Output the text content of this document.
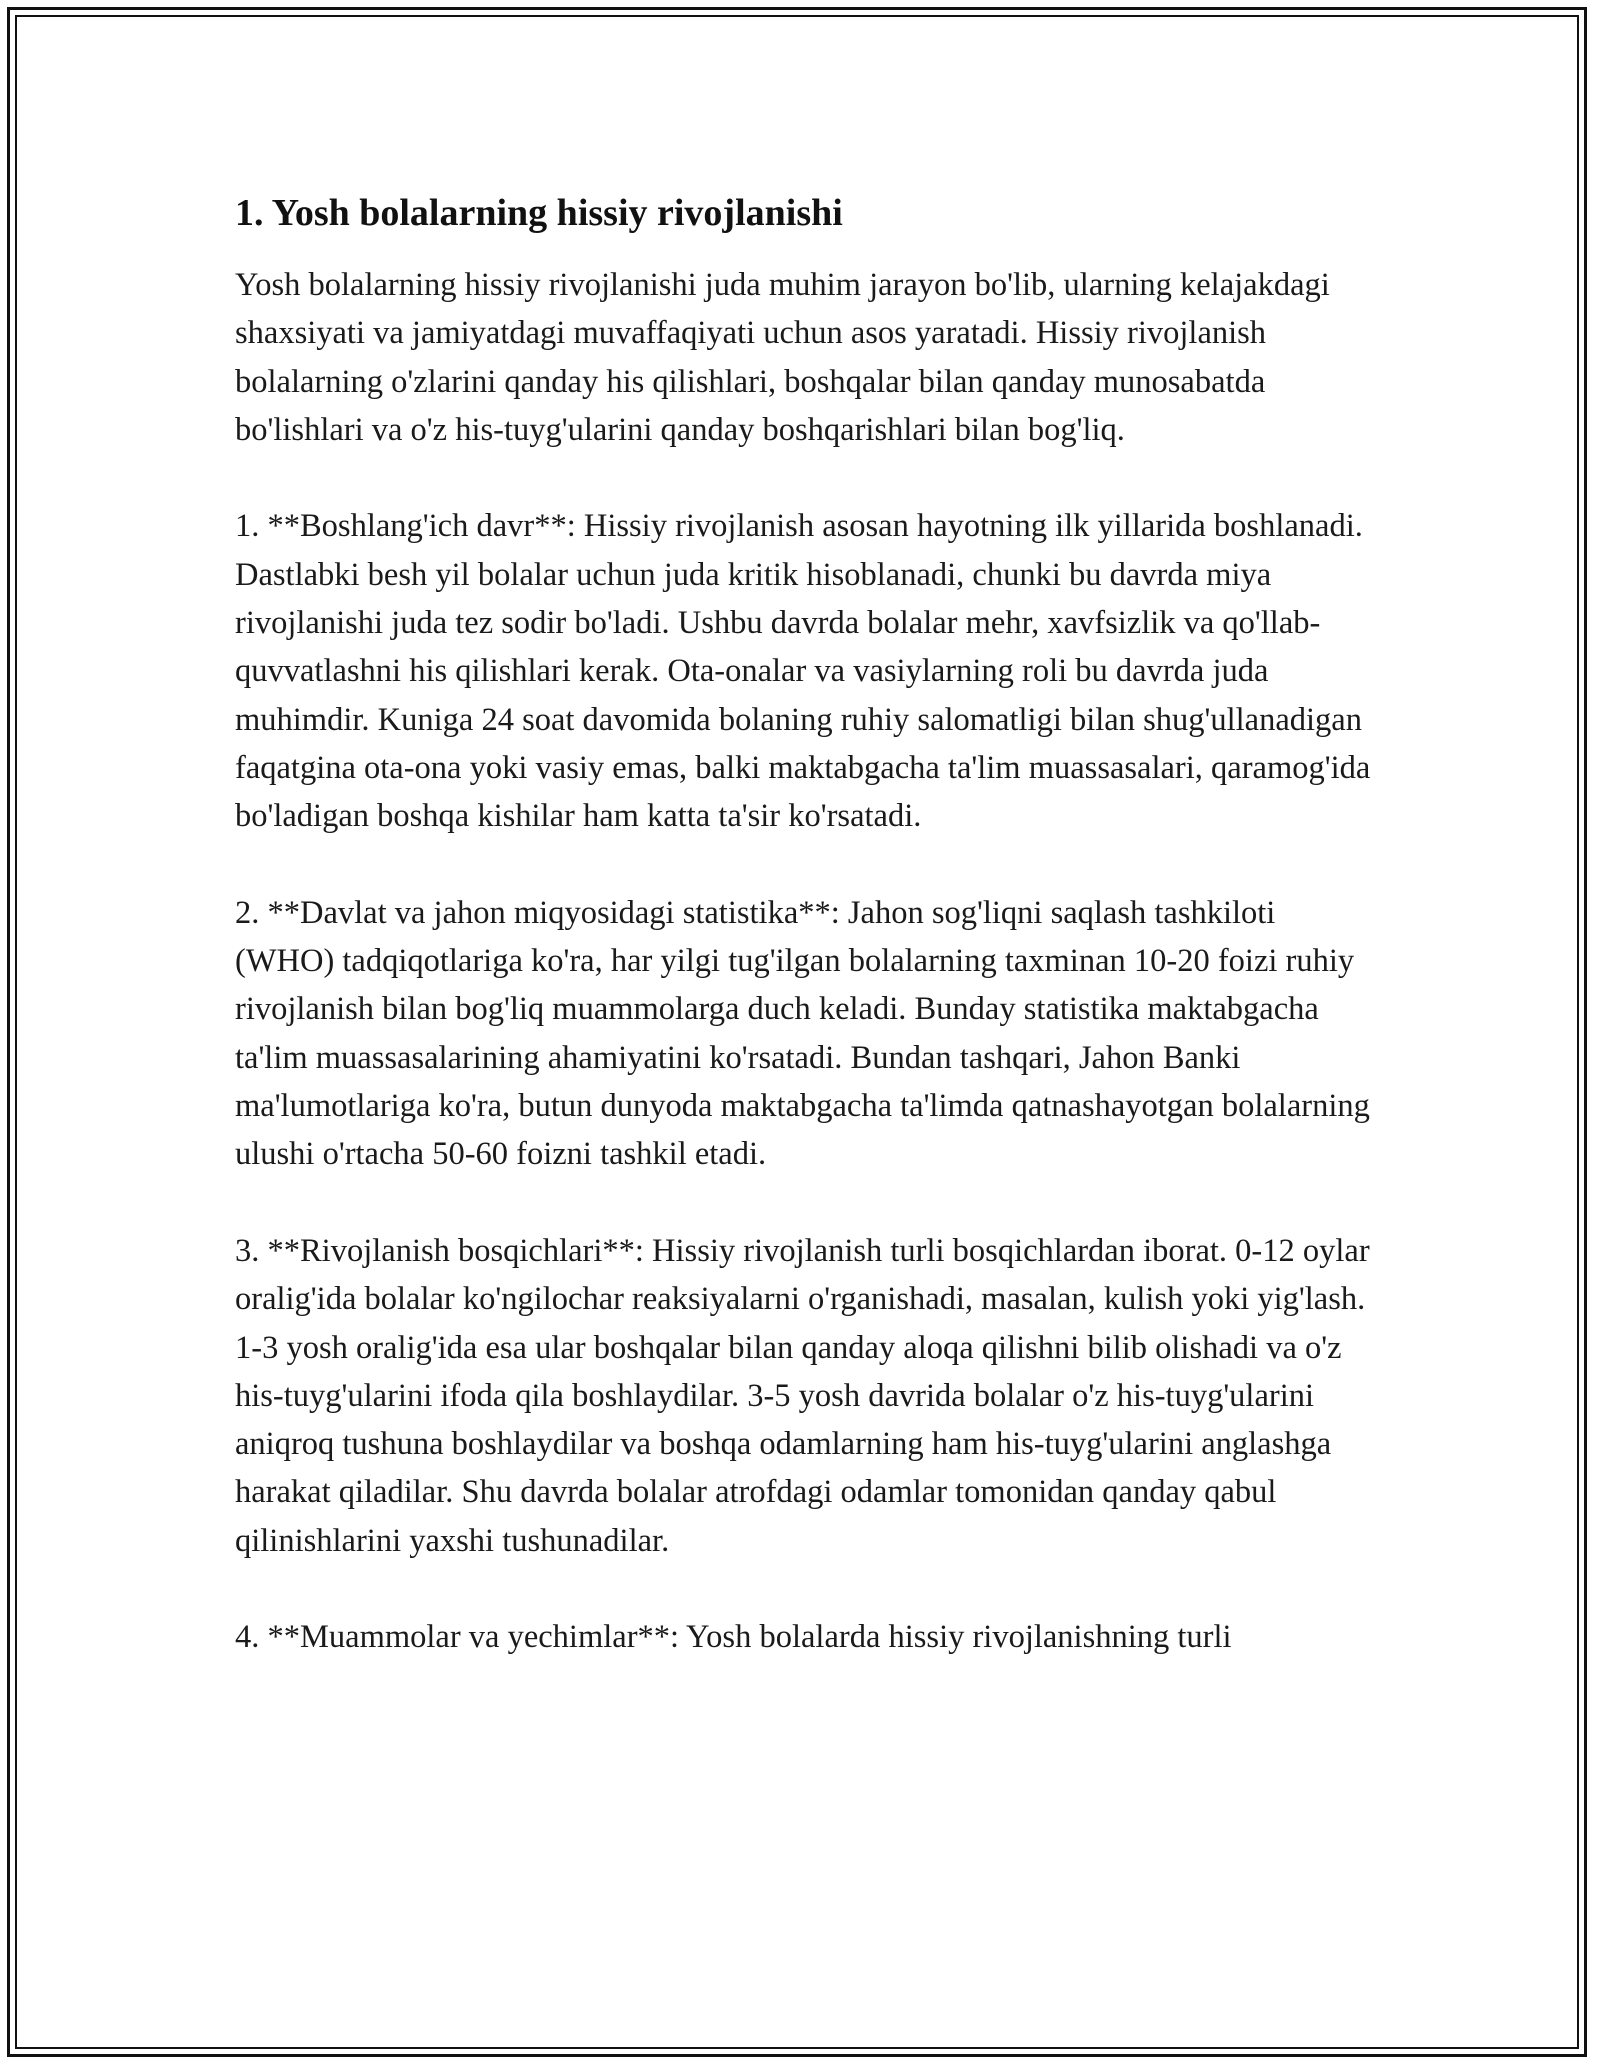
1. Yosh bolalarning hissiy rivojlanishi

Yosh bolalarning hissiy rivojlanishi juda muhim jarayon bo'lib, ularning kelajakdagi shaxsiyati va jamiyatdagi muvaffaqiyati uchun asos yaratadi. Hissiy rivojlanish bolalarning o'zlarini qanday his qilishlari, boshqalar bilan qanday munosabatda bo'lishlari va o'z his-tuyg'ularini qanday boshqarishlari bilan bog'liq.

1. **Boshlang'ich davr**: Hissiy rivojlanish asosan hayotning ilk yillarida boshlanadi. Dastlabki besh yil bolalar uchun juda kritik hisoblanadi, chunki bu davrda miya rivojlanishi juda tez sodir bo'ladi. Ushbu davrda bolalar mehr, xavfsizlik va qo'llab-quvvatlashni his qilishlari kerak. Ota-onalar va vasiylarning roli bu davrda juda muhimdir. Kuniga 24 soat davomida bolaning ruhiy salomatligi bilan shug'ullanadigan faqatgina ota-ona yoki vasiy emas, balki maktabgacha ta'lim muassasalari, qaramog'ida bo'ladigan boshqa kishilar ham katta ta'sir ko'rsatadi.

2. **Davlat va jahon miqyosidagi statistika**: Jahon sog'liqni saqlash tashkiloti (WHO) tadqiqotlariga ko'ra, har yilgi tug'ilgan bolalarning taxminan 10-20 foizi ruhiy rivojlanish bilan bog'liq muammolarga duch keladi. Bunday statistika maktabgacha ta'lim muassasalarining ahamiyatini ko'rsatadi. Bundan tashqari, Jahon Banki ma'lumotlariga ko'ra, butun dunyoda maktabgacha ta'limda qatnashayotgan bolalarning ulushi o'rtacha 50-60 foizni tashkil etadi.

3. **Rivojlanish bosqichlari**: Hissiy rivojlanish turli bosqichlardan iborat. 0-12 oylar oralig'ida bolalar ko'ngilochar reaksiyalarni o'rganishadi, masalan, kulish yoki yig'lash. 1-3 yosh oralig'ida esa ular boshqalar bilan qanday aloqa qilishni bilib olishadi va o'z his-tuyg'ularini ifoda qila boshlaydilar. 3-5 yosh davrida bolalar o'z his-tuyg'ularini aniqroq tushuna boshlaydilar va boshqa odamlarning ham his-tuyg'ularini anglashga harakat qiladilar. Shu davrda bolalar atrofdagi odamlar tomonidan qanday qabul qilinishlarini yaxshi tushunadilar.

4. **Muammolar va yechimlar**: Yosh bolalarda hissiy rivojlanishning turli
